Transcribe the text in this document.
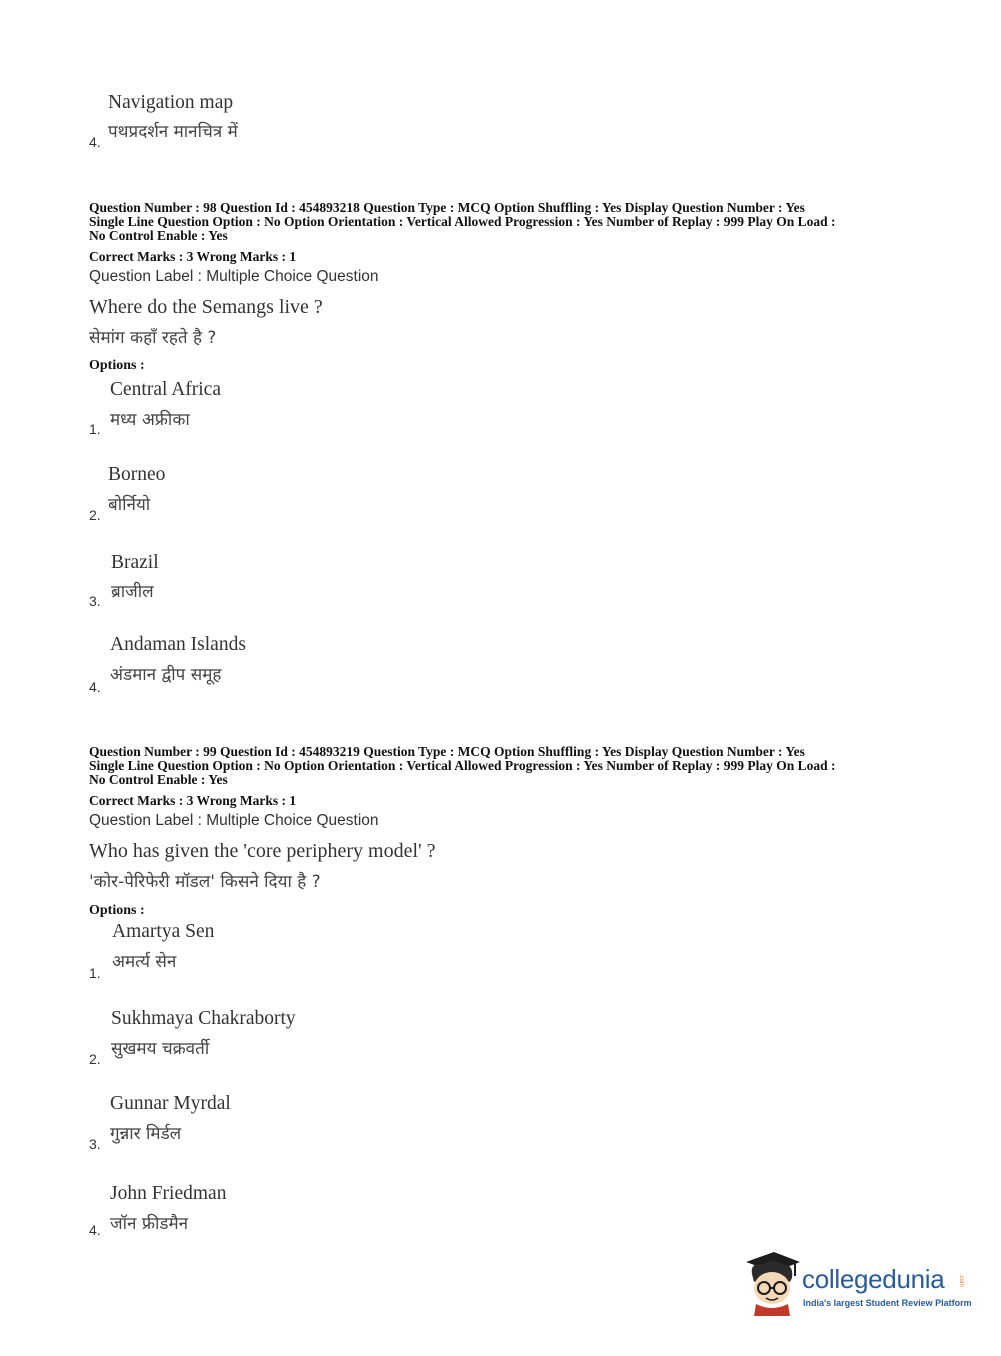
Navigation map
पथप्रदर्शन मानचित्र में
4.
Question Number : 98 Question Id : 454893218 Question Type : MCQ Option Shuffling : Yes Display Question Number : Yes
Single Line Question Option : No Option Orientation : Vertical Allowed Progression : Yes Number of Replay : 999 Play On Load :
No Control Enable : Yes
Correct Marks : 3 Wrong Marks : 1
Question Label : Multiple Choice Question
Where do the Semangs live ?
सेमांग कहाँ रहते है ?
Options :
Central Africa
मध्य अफ्रीका
1.
Borneo
बोर्नियो
2.
Brazil
ब्राजील
3.
Andaman Islands
अंडमान द्वीप समूह
4.
Question Number : 99 Question Id : 454893219 Question Type : MCQ Option Shuffling : Yes Display Question Number : Yes
Single Line Question Option : No Option Orientation : Vertical Allowed Progression : Yes Number of Replay : 999 Play On Load :
No Control Enable : Yes
Correct Marks : 3 Wrong Marks : 1
Question Label : Multiple Choice Question
Who has given the 'core periphery model' ?
'कोर-पेरिफेरी मॉडल' किसने दिया है ?
Options :
Amartya Sen
अमर्त्य सेन
1.
Sukhmaya Chakraborty
सुखमय चक्रवर्ती
2.
Gunnar Myrdal
गुन्नार मिर्डल
3.
John Friedman
जॉन फ्रीडमैन
4.
collegedunia .com
India's largest Student Review Platform
